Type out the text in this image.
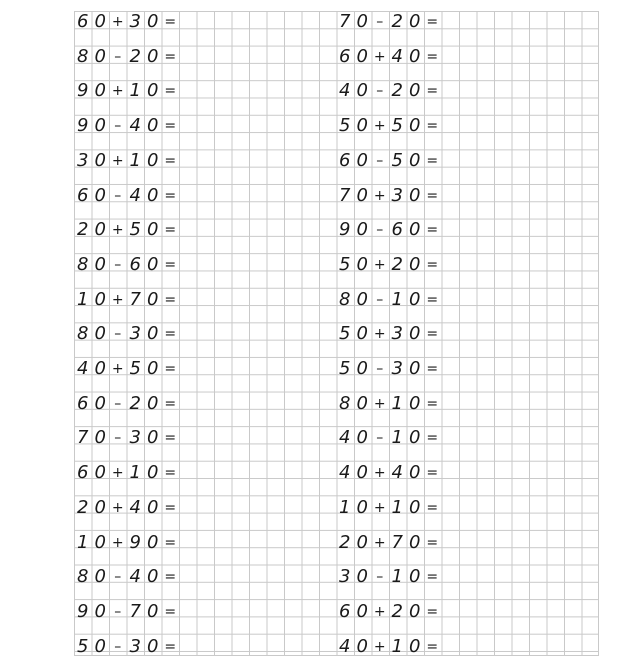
6 0 + 3 0 =
8 0 – 2 0 =
9 0 + 1 0 =
9 0 – 4 0 =
3 0 + 1 0 =
6 0 – 4 0 =
2 0 + 5 0 =
8 0 – 6 0 =
1 0 + 7 0 =
8 0 – 3 0 =
4 0 + 5 0 =
6 0 – 2 0 =
7 0 – 3 0 =
6 0 + 1 0 =
2 0 + 4 0 =
1 0 + 9 0 =
8 0 – 4 0 =
9 0 – 7 0 =
5 0 – 3 0 =
7 0 – 2 0 =
6 0 + 4 0 =
4 0 – 2 0 =
5 0 + 5 0 =
6 0 – 5 0 =
7 0 + 3 0 =
9 0 – 6 0 =
5 0 + 2 0 =
8 0 – 1 0 =
5 0 + 3 0 =
5 0 – 3 0 =
8 0 + 1 0 =
4 0 – 1 0 =
4 0 + 4 0 =
1 0 + 1 0 =
2 0 + 7 0 =
3 0 – 1 0 =
6 0 + 2 0 =
4 0 + 1 0 =
